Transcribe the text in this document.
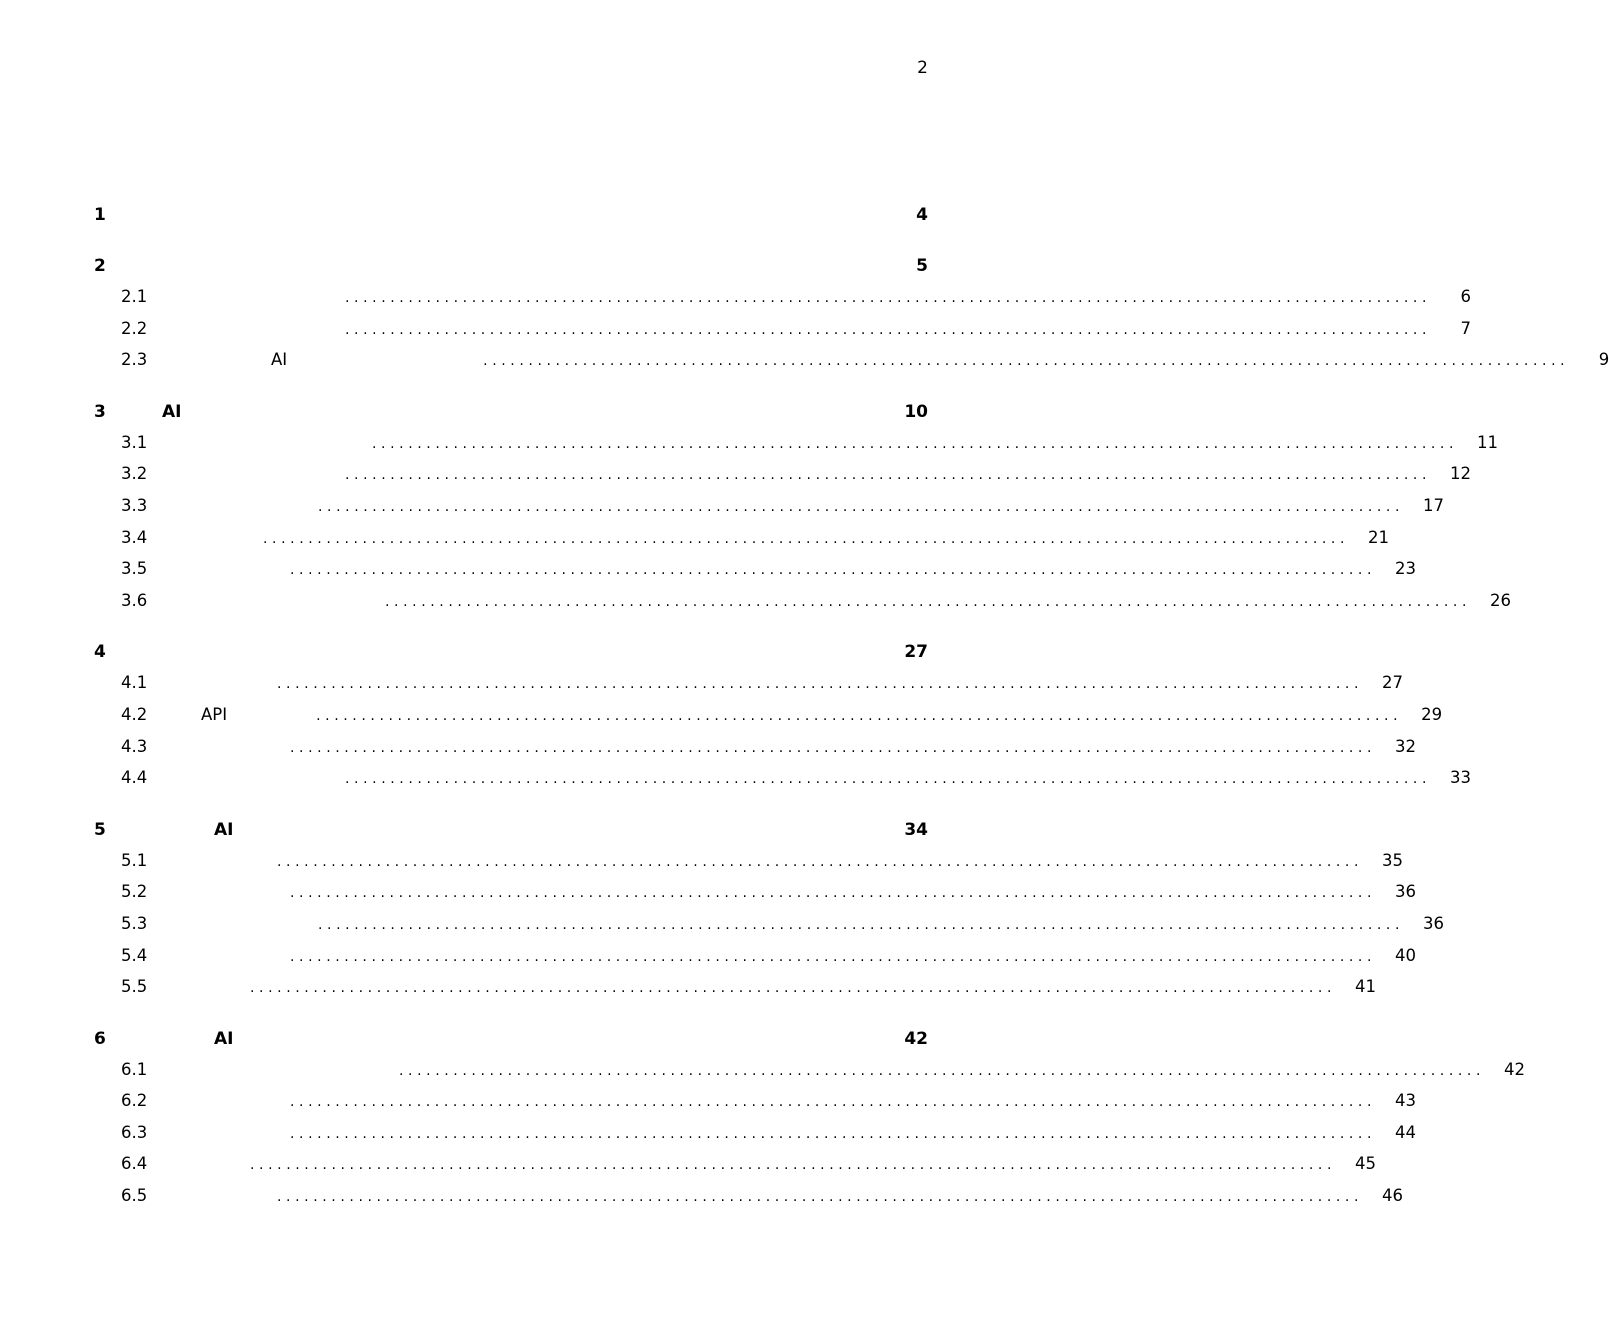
2
1	4
2	5
2.1	........................................................................................................................	6
2.2	........................................................................................................................	7
2.3	AI	........................................................................................................................	9
3	AI	10
3.1	........................................................................................................................ 11
3.2	........................................................................................................................ 12
3.3	........................................................................................................................ 17
3.4	........................................................................................................................ 21
3.5	........................................................................................................................ 23
3.6	........................................................................................................................ 26
4	27
4.1	........................................................................................................................ 27
4.2	API	........................................................................................................................ 29
4.3	........................................................................................................................ 32
4.4	........................................................................................................................ 33
5	AI	34
5.1	........................................................................................................................ 35
5.2	........................................................................................................................ 36
5.3	........................................................................................................................ 36
5.4	........................................................................................................................ 40
5.5	........................................................................................................................ 41
6	AI	42
6.1	........................................................................................................................ 42
6.2	........................................................................................................................ 43
6.3	........................................................................................................................ 44
6.4	........................................................................................................................ 45
6.5	........................................................................................................................ 46
